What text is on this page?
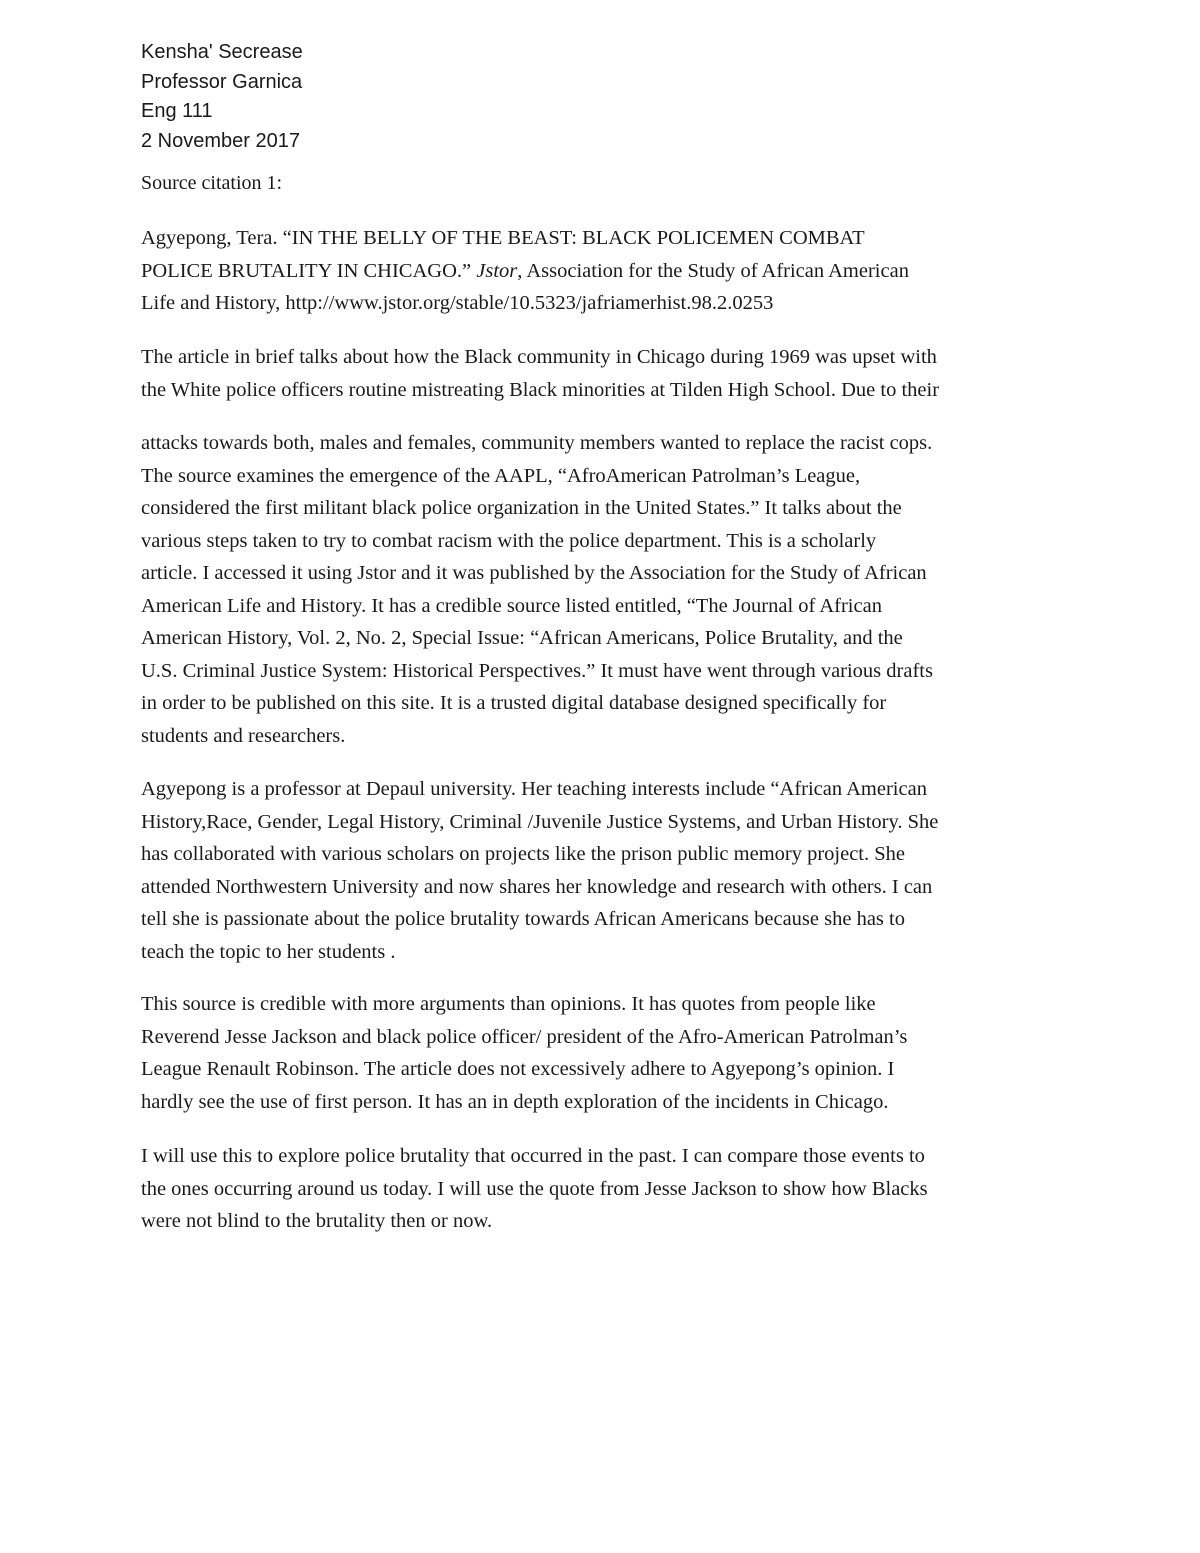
Kensha' Secrease
Professor Garnica
Eng 111
2 November 2017
Source citation 1:
Agyepong, Tera. “IN THE BELLY OF THE BEAST: BLACK POLICEMEN COMBAT
POLICE BRUTALITY IN CHICAGO.” Jstor, Association for the Study of African American
Life and History, http://www.jstor.org/stable/10.5323/jafriamerhist.98.2.0253
The article in brief talks about how the Black community in Chicago during 1969 was upset with
the White police officers routine mistreating Black minorities at Tilden High School. Due to their
attacks towards both, males and females, community members wanted to replace the racist cops.
The source examines the emergence of the AAPL, “AfroAmerican Patrolman’s League,
considered the first militant black police organization in the United States.” It talks about the
various steps taken to try to combat racism with the police department. This is a scholarly
article. I accessed it using Jstor and it was published by the Association for the Study of African
American Life and History. It has a credible source listed entitled, “The Journal of African
American History, Vol. 2, No. 2, Special Issue: “African Americans, Police Brutality, and the
U.S. Criminal Justice System: Historical Perspectives.” It must have went through various drafts
in order to be published on this site. It is a trusted digital database designed specifically for
students and researchers.
Agyepong is a professor at Depaul university. Her teaching interests include “African American
History,Race, Gender, Legal History, Criminal /Juvenile Justice Systems, and Urban History. She
has collaborated with various scholars on projects like the prison public memory project. She
attended Northwestern University and now shares her knowledge and research with others. I can
tell she is passionate about the police brutality towards African Americans because she has to
teach the topic to her students .
This source is credible with more arguments than opinions. It has quotes from people like
Reverend Jesse Jackson and black police officer/ president of the Afro-American Patrolman’s
League Renault Robinson. The article does not excessively adhere to Agyepong’s opinion. I
hardly see the use of first person. It has an in depth exploration of the incidents in Chicago.
I will use this to explore police brutality that occurred in the past. I can compare those events to
the ones occurring around us today. I will use the quote from Jesse Jackson to show how Blacks
were not blind to the brutality then or now.
